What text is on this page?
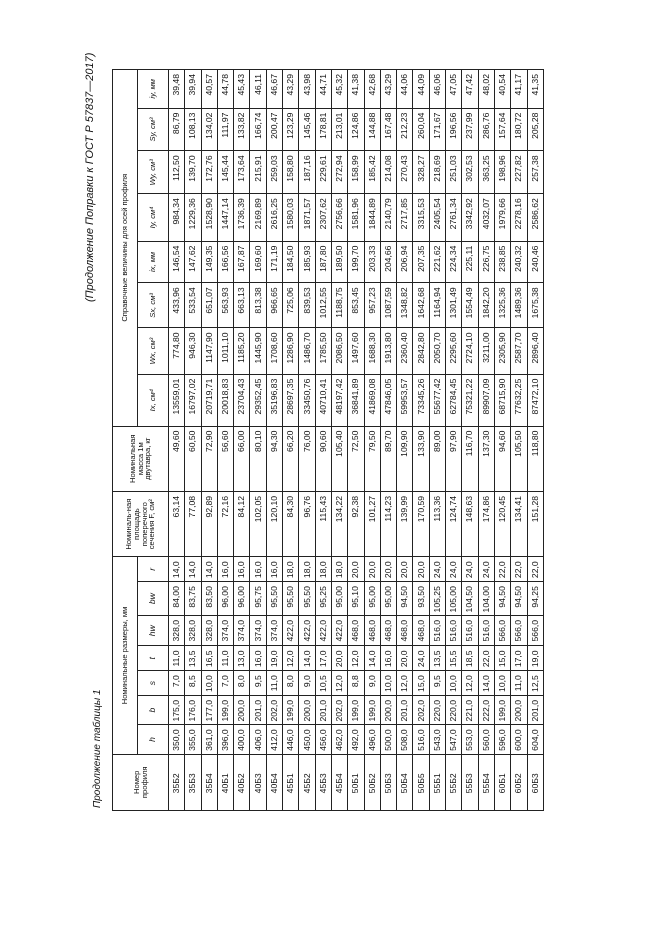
(Продолжение Поправки к ГОСТ Р 57837—2017)
Продолжение таблицы 1	Номер профиля	Номинальные размеры, мм							Номиналь-ная площадь поперечного сечения F, см²	Номинальная масса 1м двутавра, кг	Справочные величины для осей профиля							
	h	b	s	t	hw	bw	r			Ix, см⁴	Wx, см³	Sx, см³	ix, мм	Iy, см⁴	Wy, см³	Sy, см³	iy, мм
35Б2	350,0	175,0	7,0	11,0	328,0	84,00	14,0	63,14	49,60	13559,01	774,80	433,96	146,54	984,34	112,50	86,79	39,48
35Б3	355,0	176,0	8,5	13,5	328,0	83,75	14,0	77,08	60,50	16797,02	946,30	533,54	147,62	1229,36	139,70	108,13	39,94
35Б4	361,0	177,0	10,0	16,5	328,0	83,50	14,0	92,89	72,90	20719,71	1147,90	651,07	149,35	1528,90	172,76	134,02	40,57
40Б1	396,0	199,0	7,0	11,0	374,0	96,00	16,0	72,16	56,60	20018,83	1011,10	563,93	166,56	1447,14	145,44	111,97	44,78
40Б2	400,0	200,0	8,0	13,0	374,0	96,00	16,0	84,12	66,00	23704,43	1185,20	663,13	167,87	1736,39	173,64	133,82	45,43
40Б3	406,0	201,0	9,5	16,0	374,0	95,75	16,0	102,05	80,10	29352,45	1445,90	813,38	169,60	2169,89	215,91	166,74	46,11
40Б4	412,0	202,0	11,0	19,0	374,0	95,50	16,0	120,10	94,30	35196,83	1708,60	966,65	171,19	2616,25	259,03	200,47	46,67
45Б1	446,0	199,0	8,0	12,0	422,0	95,50	18,0	84,30	66,20	28697,35	1286,90	725,06	184,50	1580,03	158,80	123,29	43,29
45Б2	450,0	200,0	9,0	14,0	422,0	95,50	18,0	96,76	76,00	33450,76	1486,70	839,53	185,93	1871,57	187,16	145,46	43,98
45Б3	456,0	201,0	10,5	17,0	422,0	95,25	18,0	115,43	90,60	40710,41	1785,50	1012,55	187,80	2307,62	229,61	178,81	44,71
45Б4	462,0	202,0	12,0	20,0	422,0	95,00	18,0	134,22	105,40	48197,42	2086,50	1188,75	189,50	2756,66	272,94	213,01	45,32
50Б1	492,0	199,0	8,8	12,0	468,0	95,10	20,0	92,38	72,50	36841,89	1497,60	853,45	199,70	1581,96	158,99	124,86	41,38
50Б2	496,0	199,0	9,0	14,0	468,0	95,00	20,0	101,27	79,50	41869,08	1688,30	957,23	203,33	1844,89	185,42	144,88	42,68
50Б3	500,0	200,0	10,0	16,0	468,0	95,00	20,0	114,23	89,70	47846,05	1913,80	1087,59	204,66	2140,79	214,08	167,48	43,29
50Б4	508,0	201,0	12,0	20,0	468,0	94,50	20,0	139,99	109,90	59953,57	2360,40	1348,82	206,94	2717,85	270,43	212,23	44,06
50Б5	516,0	202,0	15,0	24,0	468,0	93,50	20,0	170,59	133,90	73345,26	2842,80	1642,68	207,35	3315,53	328,27	260,04	44,09
55Б1	543,0	220,0	9,5	13,5	516,0	105,25	24,0	113,36	89,00	55677,42	2050,70	1164,94	221,62	2405,54	218,69	171,67	46,06
55Б2	547,0	220,0	10,0	15,5	516,0	105,00	24,0	124,74	97,90	62784,45	2295,60	1301,49	224,34	2761,34	251,03	196,56	47,05
55Б3	553,0	221,0	12,0	18,5	516,0	104,50	24,0	148,63	116,70	75321,22	2724,10	1554,49	225,11	3342,92	302,53	237,99	47,42
55Б4	560,0	222,0	14,0	22,0	516,0	104,00	24,0	174,86	137,30	89907,09	3211,00	1842,20	226,75	4032,07	363,25	286,76	48,02
60Б1	596,0	199,0	10,0	15,0	566,0	94,50	22,0	120,45	94,60	68715,90	2305,90	1325,36	238,85	1979,66	198,96	157,64	40,54
60Б2	600,0	200,0	11,0	17,0	566,0	94,50	22,0	134,41	105,50	77632,25	2587,70	1489,36	240,32	2278,16	227,82	180,72	41,17
60Б3	604,0	201,0	12,5	19,0	566,0	94,25	22,0	151,28	118,80	87472,10	2896,40	1675,38	240,46	2586,62	257,38	205,28	41,35
